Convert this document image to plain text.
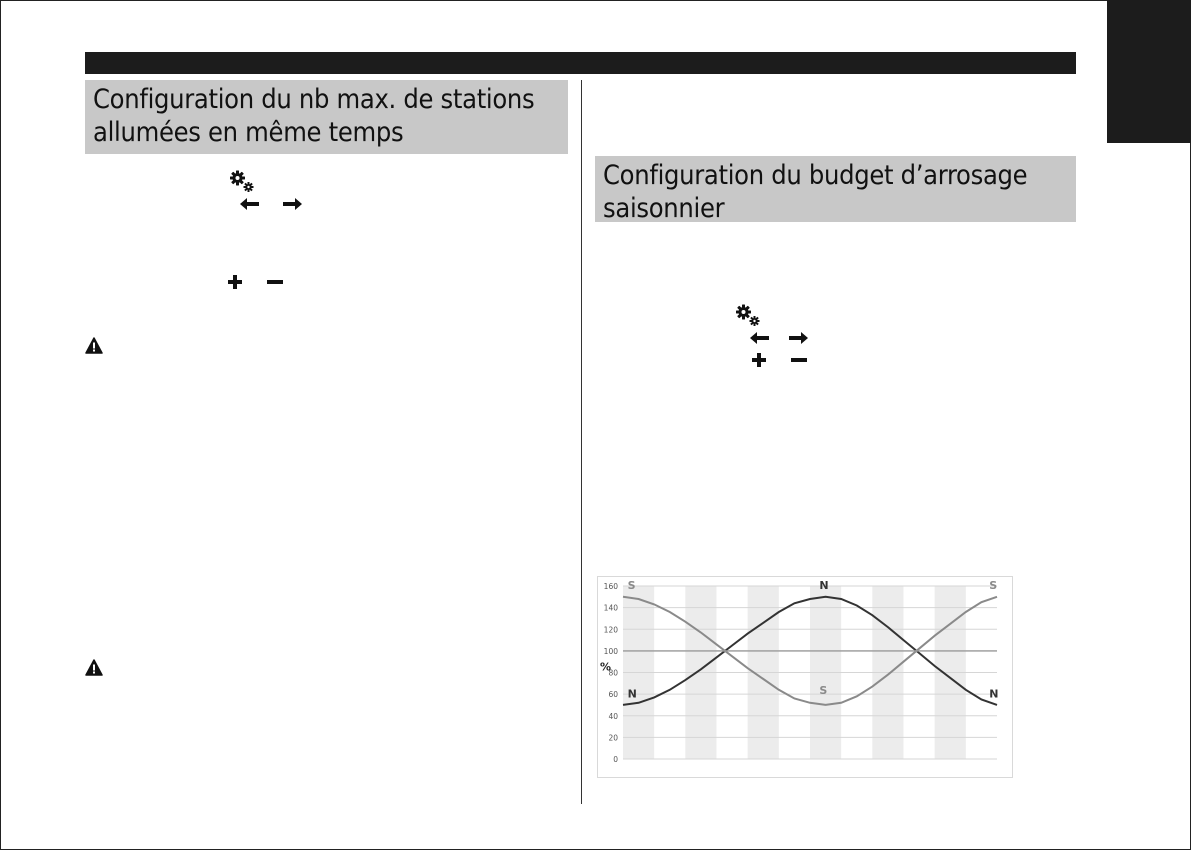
Configuration du nb max. de stations
allumées en même temps
Configuration du budget d’arrosage
saisonnier
0
20
40
60
80
100
120
140
160
%
S	N	S
N	S	N
